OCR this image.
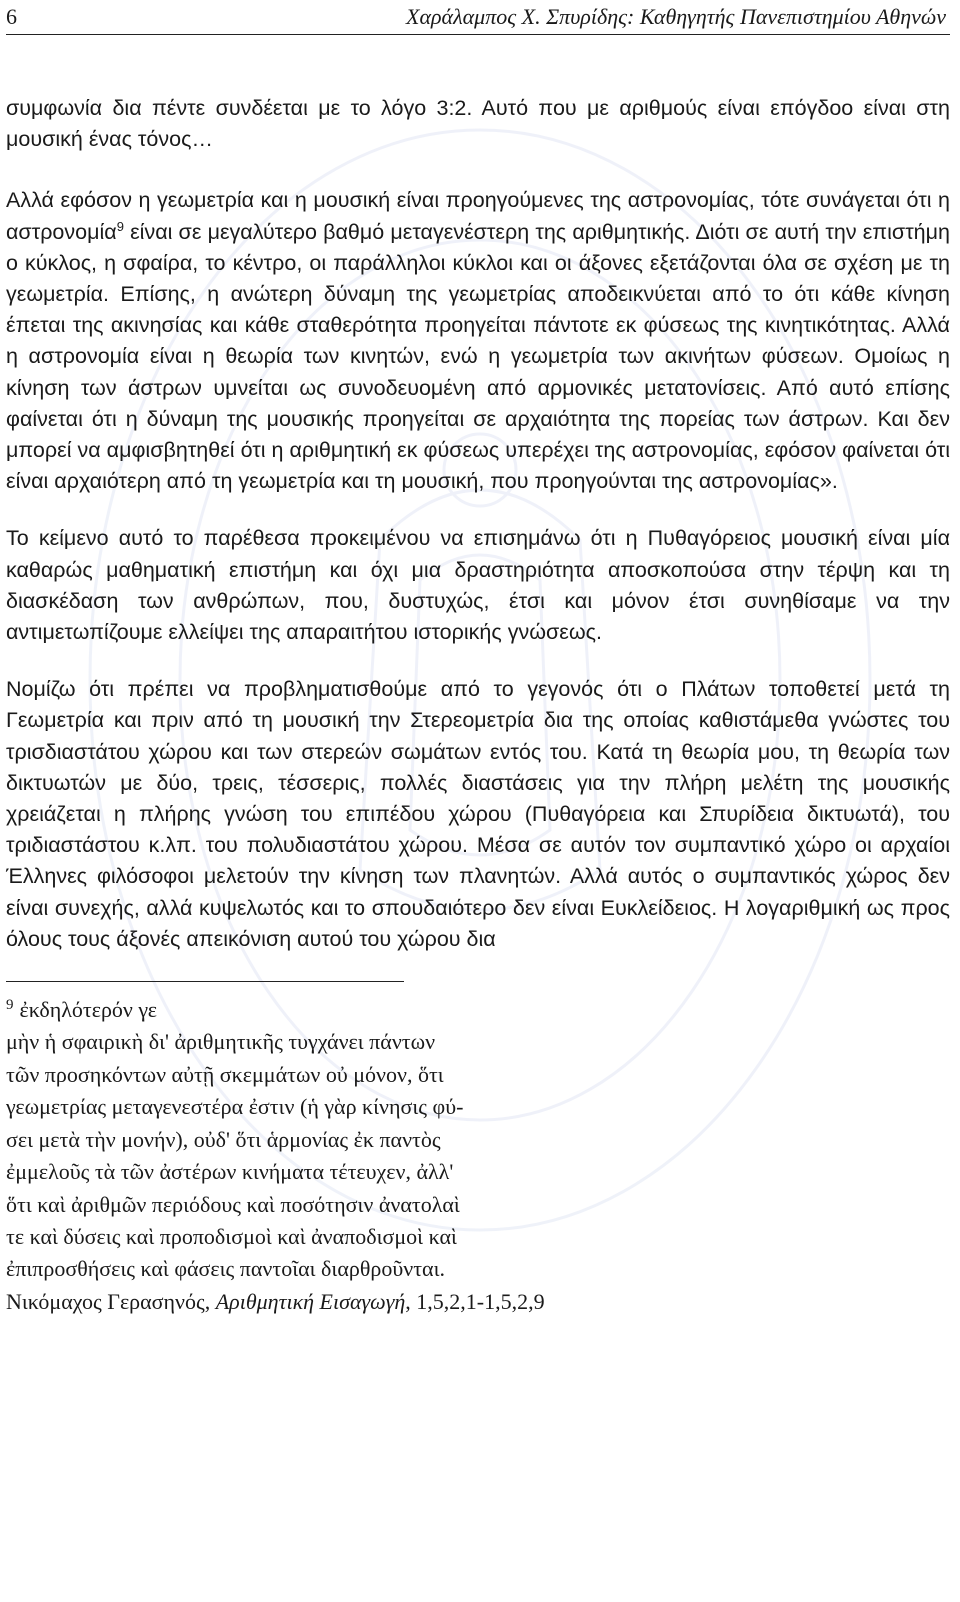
6	Χαράλαμπος Χ. Σπυρίδης: Καθηγητής Πανεπιστημίου Αθηνών

συμφωνία δια πέντε συνδέεται με το λόγο 3:2. Αυτό που με αριθμούς είναι επόγδοο είναι στη μουσική ένας τόνος…

Αλλά εφόσον η γεωμετρία και η μουσική είναι προηγούμενες της αστρονομίας, τότε συνάγεται ότι η αστρονομία$^9$ είναι σε μεγαλύτερο βαθμό μεταγενέστερη της αριθμητικής. Διότι σε αυτή την επιστήμη ο κύκλος, η σφαίρα, το κέντρο, οι παράλληλοι κύκλοι και οι άξονες εξετάζονται όλα σε σχέση με τη γεωμετρία. Επίσης, η ανώτερη δύναμη της γεωμετρίας αποδεικνύεται από το ότι κάθε κίνηση έπεται της ακινησίας και κάθε σταθερότητα προηγείται πάντοτε εκ φύσεως της κινητικότητας. Αλλά η αστρονομία είναι η θεωρία των κινητών, ενώ η γεωμετρία των ακινήτων φύσεων. Ομοίως η κίνηση των άστρων υμνείται ως συνοδευομένη από αρμονικές μετατονίσεις. Από αυτό επίσης φαίνεται ότι η δύναμη της μουσικής προηγείται σε αρχαιότητα της πορείας των άστρων. Και δεν μπορεί να αμφισβητηθεί ότι η αριθμητική εκ φύσεως υπερέχει της αστρονομίας, εφόσον φαίνεται ότι είναι αρχαιότερη από τη γεωμετρία και τη μουσική, που προηγούνται της αστρονομίας».

Το κείμενο αυτό το παρέθεσα προκειμένου να επισημάνω ότι η Πυθαγόρειος μουσική είναι μία καθαρώς μαθηματική επιστήμη και όχι μια δραστηριότητα αποσκοπούσα στην τέρψη και τη διασκέδαση των ανθρώπων, που, δυστυχώς, έτσι και μόνον έτσι συνηθίσαμε να την αντιμετωπίζουμε ελλείψει της απαραιτήτου ιστορικής γνώσεως.

Νομίζω ότι πρέπει να προβληματισθούμε από το γεγονός ότι ο Πλάτων τοποθετεί μετά τη Γεωμετρία και πριν από τη μουσική την Στερεομετρία δια της οποίας καθιστάμεθα γνώστες του τρισδιαστάτου χώρου και των στερεών σωμάτων εντός του. Κατά τη θεωρία μου, τη θεωρία των δικτυωτών με δύο, τρεις, τέσσερις, πολλές διαστάσεις για την πλήρη μελέτη της μουσικής χρειάζεται η πλήρης γνώση του επιπέδου χώρου (Πυθαγόρεια και Σπυρίδεια δικτυωτά), του τριδιαστάστου κ.λπ. του πολυδιαστάτου χώρου. Μέσα σε αυτόν τον συμπαντικό χώρο οι αρχαίοι Έλληνες φιλόσοφοι μελετούν την κίνηση των πλανητών. Αλλά αυτός ο συμπαντικός χώρος δεν είναι συνεχής, αλλά κυψελωτός και το σπουδαιότερο δεν είναι Ευκλείδειος. Η λογαριθμική ως προς όλους τους άξονές απεικόνιση αυτού του χώρου δια

$^9$ ἐκδηλότερόν γε
μὴν ἡ σφαιρικὴ δι' ἀριθμητικῆς τυγχάνει πάντων
τῶν προσηκόντων αὐτῇ σκεμμάτων οὐ μόνον, ὅτι
γεωμετρίας μεταγενεστέρα ἐστιν (ἡ γὰρ κίνησις φύ-
σει μετὰ τὴν μονήν), οὐδ' ὅτι ἁρμονίας ἐκ παντὸς
ἐμμελοῦς τὰ τῶν ἀστέρων κινήματα τέτευχεν, ἀλλ'
ὅτι καὶ ἀριθμῶν περιόδους καὶ ποσότησιν ἀνατολαὶ
τε καὶ δύσεις καὶ προποδισμοὶ καὶ ἀναποδισμοὶ καὶ
ἐπιπροσθήσεις καὶ φάσεις παντοῖαι διαρθροῦνται.
Νικόμαχος Γερασηνός, Αριθμητική Εισαγωγή, 1,5,2,1-1,5,2,9
